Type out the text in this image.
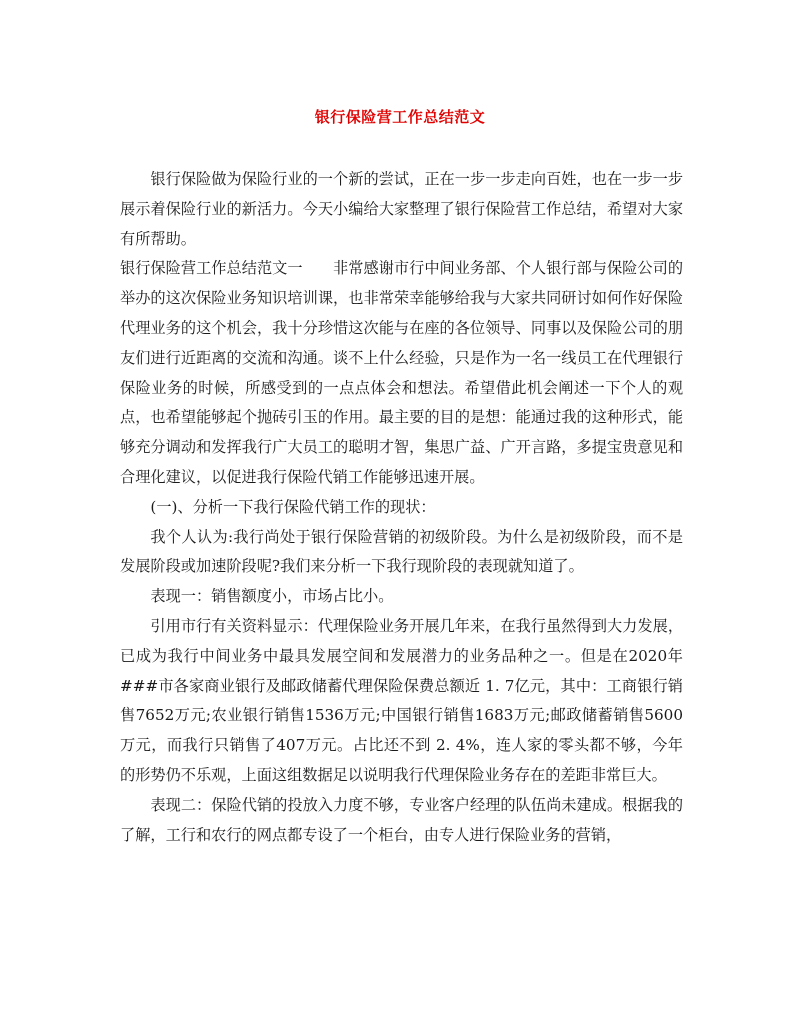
银行保险营工作总结范文

银行保险做为保险行业的一个新的尝试，正在一步一步走向百姓，也在一步一步展示着保险行业的新活力。今天小编给大家整理了银行保险营工作总结，希望对大家有所帮助。

银行保险营工作总结范文一　　非常感谢市行中间业务部、个人银行部与保险公司的举办的这次保险业务知识培训课，也非常荣幸能够给我与大家共同研讨如何作好保险代理业务的这个机会，我十分珍惜这次能与在座的各位领导、同事以及保险公司的朋友们进行近距离的交流和沟通。谈不上什么经验，只是作为一名一线员工在代理银行保险业务的时候，所感受到的一点点体会和想法。希望借此机会阐述一下个人的观点，也希望能够起个抛砖引玉的作用。最主要的目的是想：能通过我的这种形式，能够充分调动和发挥我行广大员工的聪明才智，集思广益、广开言路，多提宝贵意见和合理化建议，以促进我行保险代销工作能够迅速开展。

(一)、分析一下我行保险代销工作的现状：

我个人认为:我行尚处于银行保险营销的初级阶段。为什么是初级阶段，而不是发展阶段或加速阶段呢?我们来分析一下我行现阶段的表现就知道了。

表现一：销售额度小，市场占比小。

引用市行有关资料显示：代理保险业务开展几年来，在我行虽然得到大力发展，已成为我行中间业务中最具发展空间和发展潜力的业务品种之一。但是在2020年###市各家商业银行及邮政储蓄代理保险保费总额近 1. 7亿元，其中：工商银行销售7652万元;农业银行销售1536万元;中国银行销售1683万元;邮政储蓄销售5600万元，而我行只销售了407万元。占比还不到 2. 4%，连人家的零头都不够，今年的形势仍不乐观，上面这组数据足以说明我行代理保险业务存在的差距非常巨大。

表现二：保险代销的投放入力度不够，专业客户经理的队伍尚未建成。根据我的了解，工行和农行的网点都专设了一个柜台，由专人进行保险业务的营销，
